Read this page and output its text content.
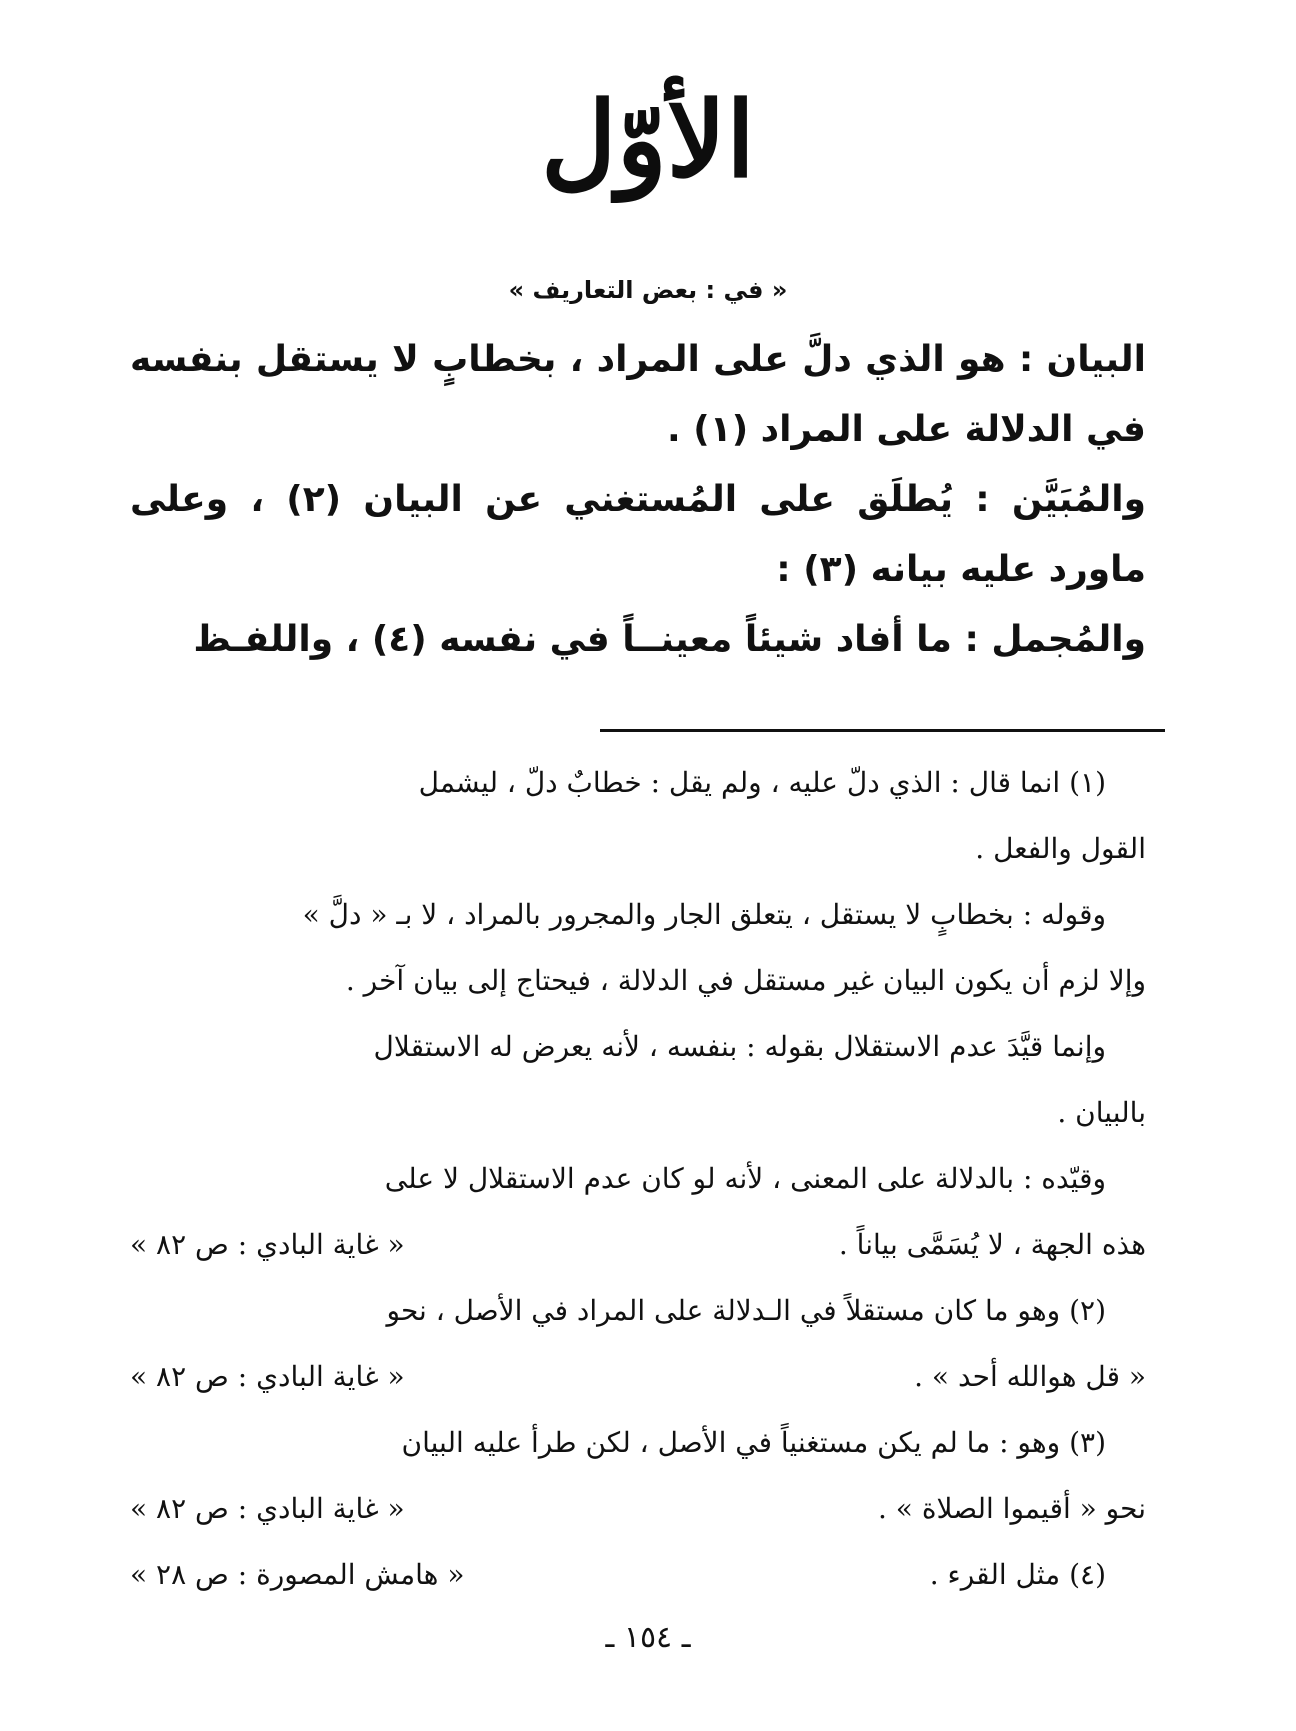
الأوّل
« في : بعض التعاريف »

البيان : هو الذي دلَّ على المراد ، بخطابٍ لا يستقل بنفسه في الدلالة على المراد (١) .

والمُبَيَّن : يُطلَق على المُستغني عن البيان (٢) ، وعلى ماورد عليه بيانه (٣) :

والمُجمل : ما أفاد شيئاً معينــاً في نفسه (٤) ، واللفـظ

(١) انما قال : الذي دلّ عليه ، ولم يقل : خطابٌ دلّ ، ليشمل
القول والفعل .
وقوله : بخطابٍ لا يستقل ، يتعلق الجار والمجرور بالمراد ، لا بـ « دلَّ »
وإلا لزم أن يكون البيان غير مستقل في الدلالة ، فيحتاج إلى بيان آخر .
وإنما قيَّدَ عدم الاستقلال بقوله : بنفسه ، لأنه يعرض له الاستقلال
بالبيان .
وقيّده : بالدلالة على المعنى ، لأنه لو كان عدم الاستقلال لا على
هذه الجهة ، لا يُسَمَّى بياناً .
« غاية البادي : ص ٨٢ »
(٢) وهو ما كان مستقلاً في الـدلالة على المراد في الأصل ، نحو
« قل هوالله أحد » .
« غاية البادي : ص ٨٢ »
(٣) وهو : ما لم يكن مستغنياً في الأصل ، لكن طرأ عليه البيان
نحو « أقيموا الصلاة » .
« غاية البادي : ص ٨٢ »
(٤) مثل القرء .
« هامش المصورة : ص ٢٨ »
ـ ١٥٤ ـ
